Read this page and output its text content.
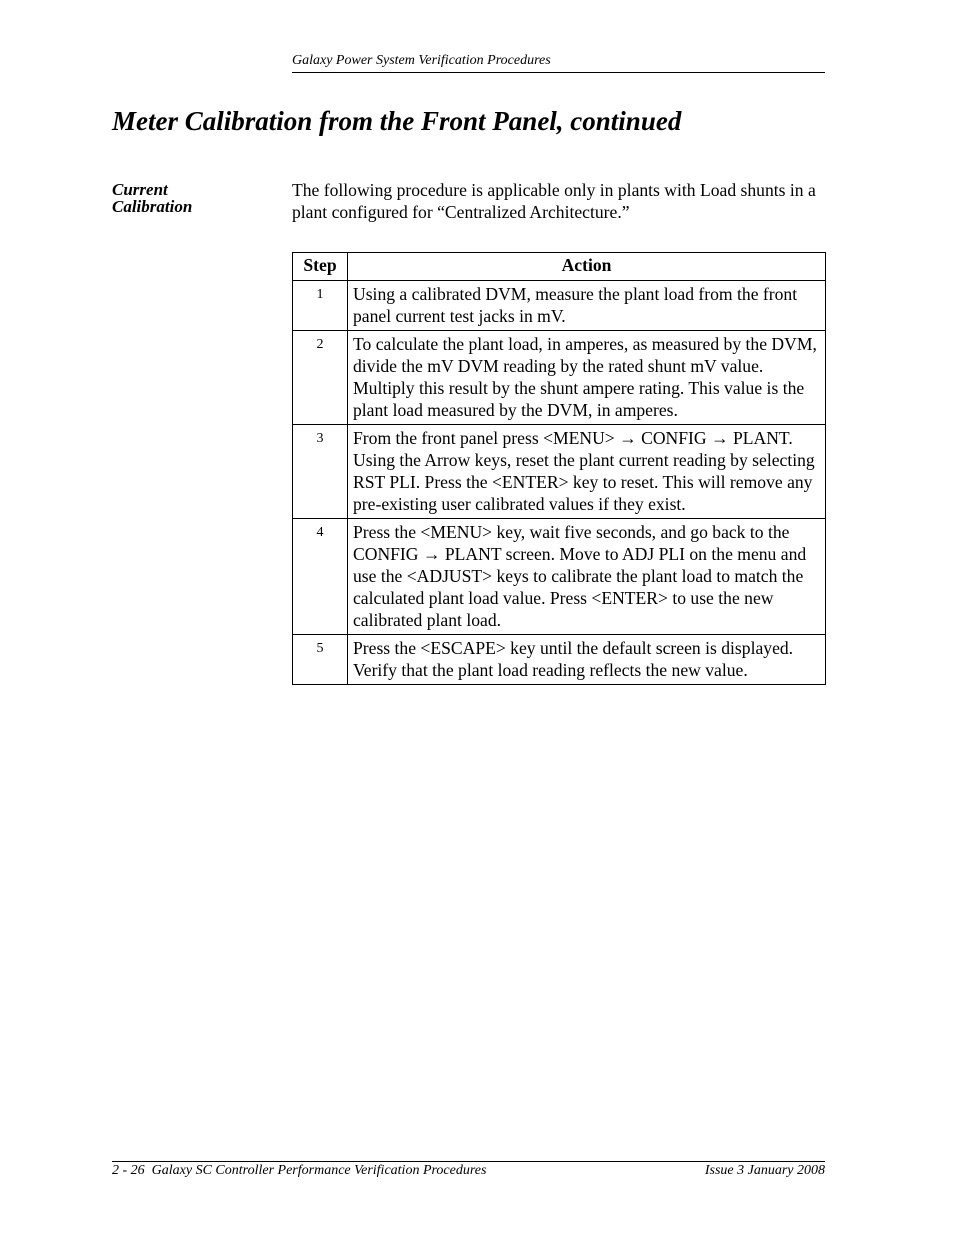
Galaxy Power System Verification Procedures
Meter Calibration from the Front Panel, continued
Current
Calibration
The following procedure is applicable only in plants with Load shunts in a plant configured for “Centralized Architecture.”
Step	Action
1	Using a calibrated DVM, measure the plant load from the front panel current test jacks in mV.
2	To calculate the plant load, in amperes, as measured by the DVM, divide the mV DVM reading by the rated shunt mV value. Multiply this result by the shunt ampere rating. This value is the plant load measured by the DVM, in amperes.
3	From the front panel press <MENU> → CONFIG → PLANT. Using the Arrow keys, reset the plant current reading by selecting RST PLI. Press the <ENTER> key to reset. This will remove any pre-existing user calibrated values if they exist.
4	Press the <MENU> key, wait five seconds, and go back to the CONFIG → PLANT screen. Move to ADJ PLI on the menu and use the <ADJUST> keys to calibrate the plant load to match the calculated plant load value. Press <ENTER> to use the new calibrated plant load.
5	Press the <ESCAPE> key until the default screen is displayed. Verify that the plant load reading reflects the new value.
2 - 26  Galaxy SC Controller Performance Verification Procedures	Issue 3 January 2008
